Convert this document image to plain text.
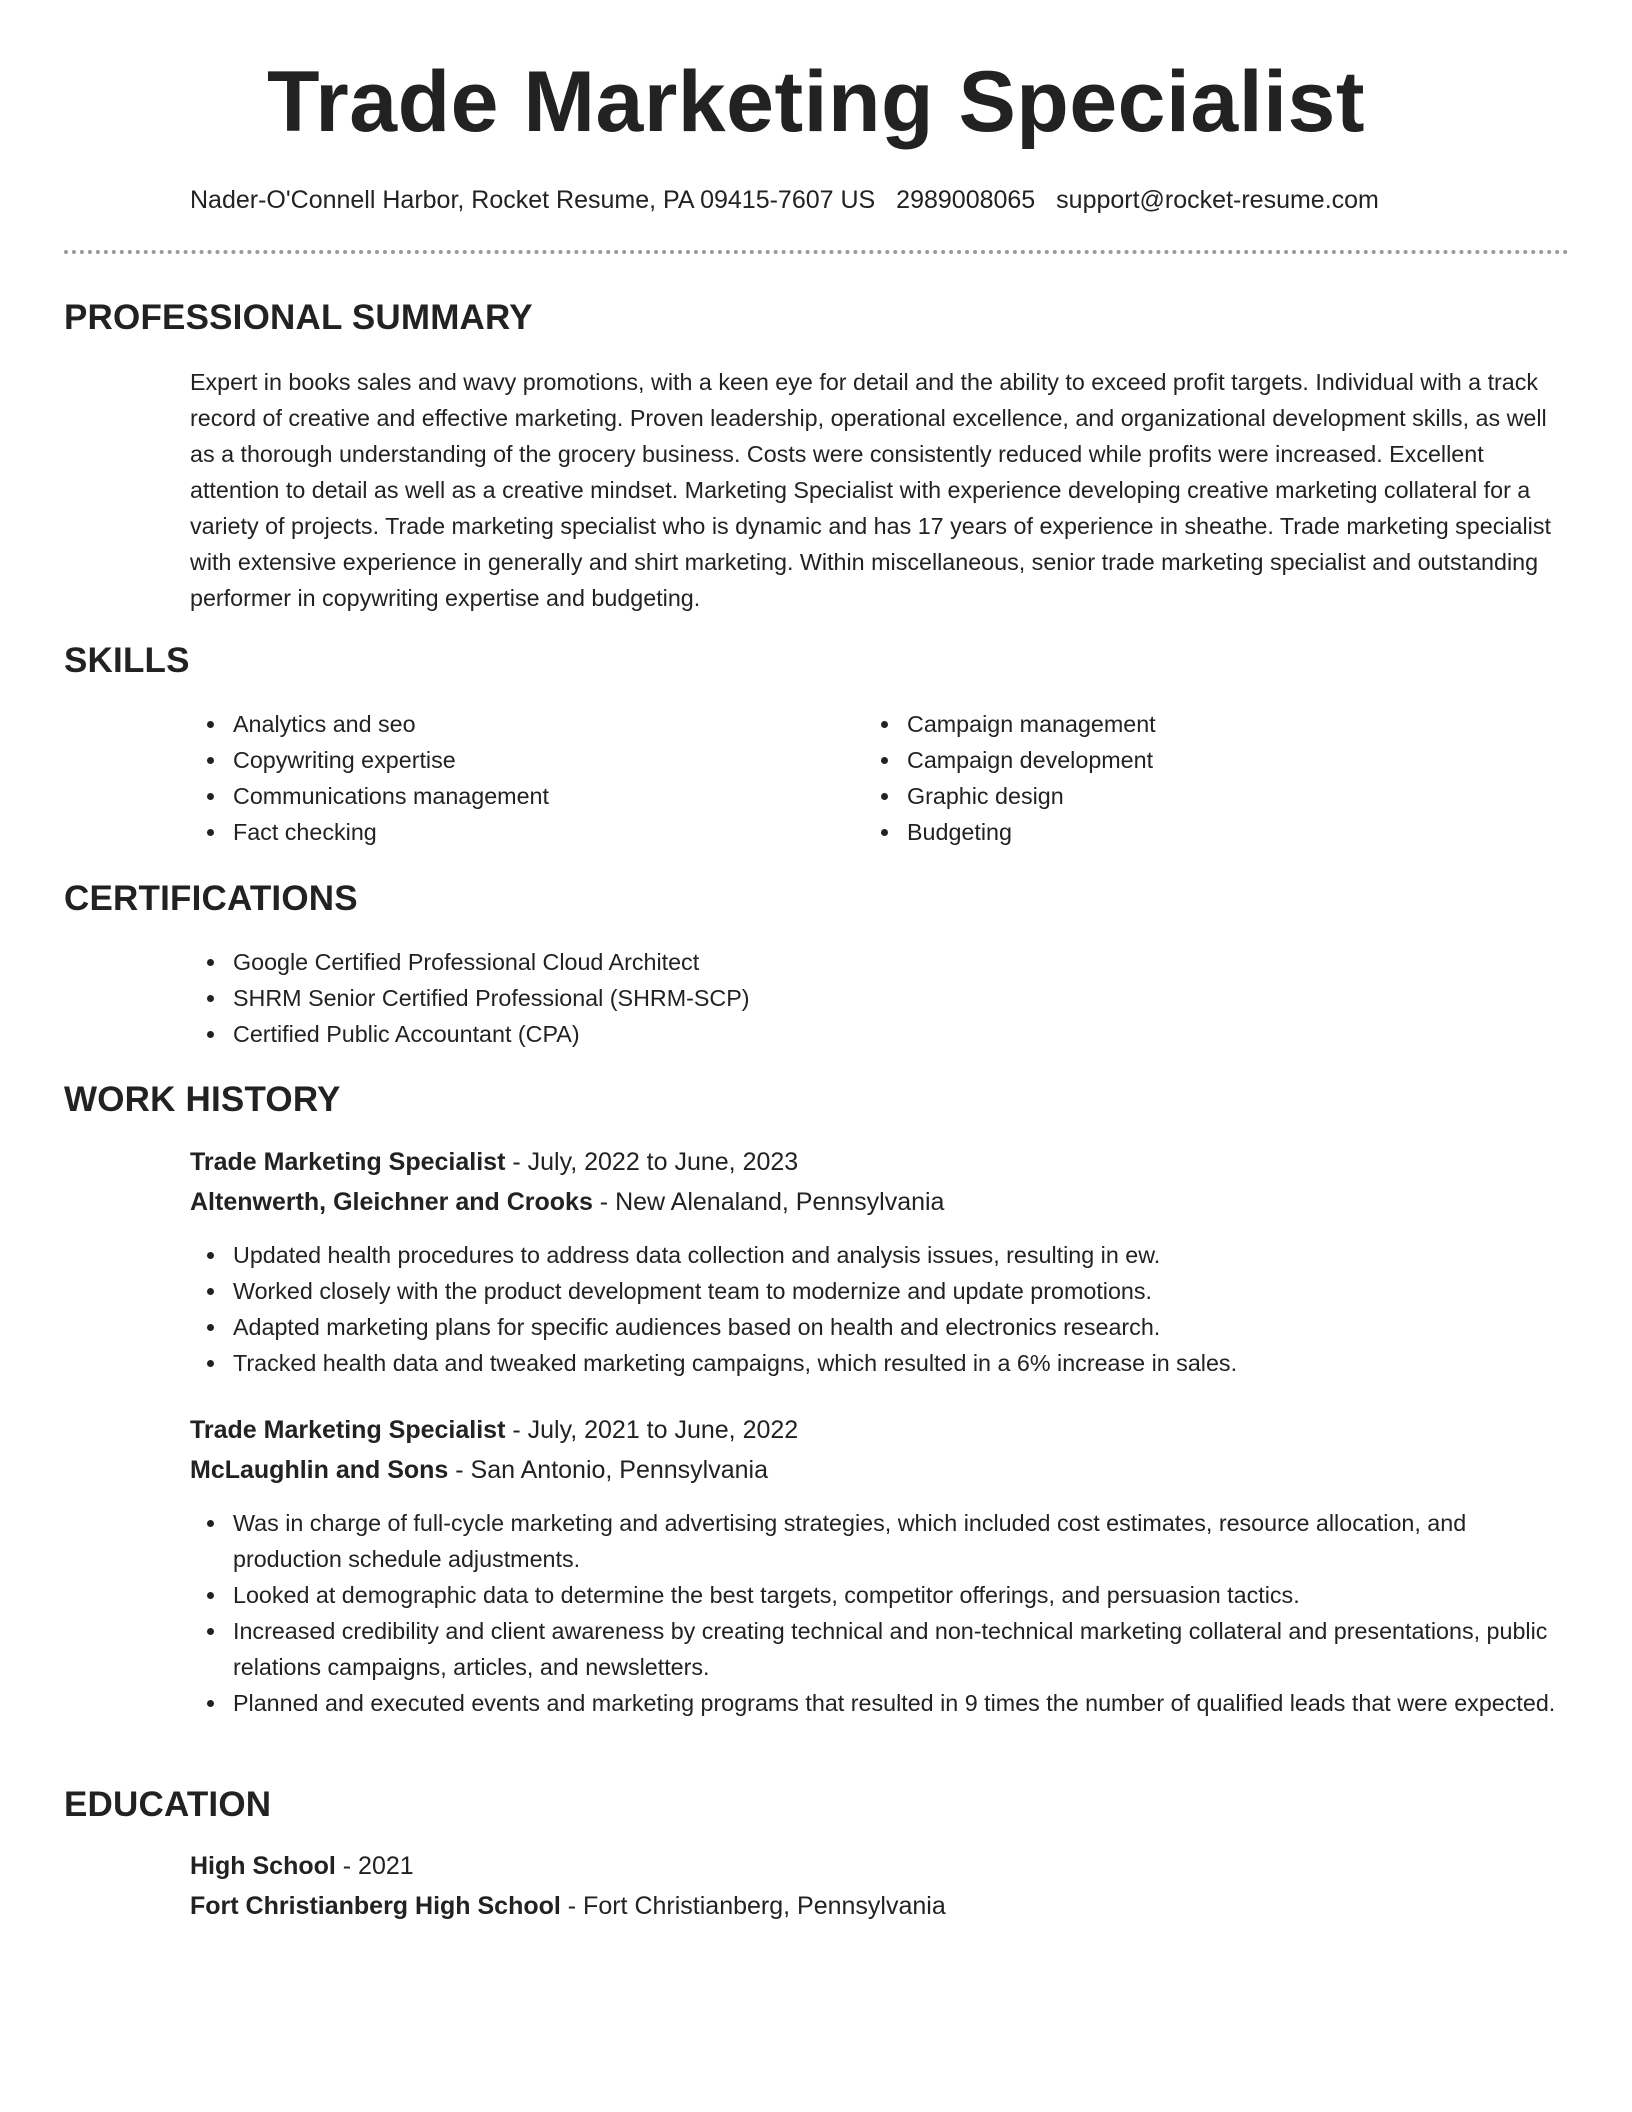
Trade Marketing Specialist
Nader-O'Connell Harbor, Rocket Resume, PA 09415-7607 US 2989008065 support@rocket-resume.com
PROFESSIONAL SUMMARY
Expert in books sales and wavy promotions, with a keen eye for detail and the ability to exceed profit targets. Individual with a track record of creative and effective marketing. Proven leadership, operational excellence, and organizational development skills, as well as a thorough understanding of the grocery business. Costs were consistently reduced while profits were increased. Excellent attention to detail as well as a creative mindset. Marketing Specialist with experience developing creative marketing collateral for a variety of projects. Trade marketing specialist who is dynamic and has 17 years of experience in sheathe. Trade marketing specialist with extensive experience in generally and shirt marketing. Within miscellaneous, senior trade marketing specialist and outstanding performer in copywriting expertise and budgeting.
SKILLS
Analytics and seo
Copywriting expertise
Communications management
Fact checking
Campaign management
Campaign development
Graphic design
Budgeting
CERTIFICATIONS
Google Certified Professional Cloud Architect
SHRM Senior Certified Professional (SHRM-SCP)
Certified Public Accountant (CPA)
WORK HISTORY
Trade Marketing Specialist - July, 2022 to June, 2023
Altenwerth, Gleichner and Crooks - New Alenaland, Pennsylvania
Updated health procedures to address data collection and analysis issues, resulting in ew.
Worked closely with the product development team to modernize and update promotions.
Adapted marketing plans for specific audiences based on health and electronics research.
Tracked health data and tweaked marketing campaigns, which resulted in a 6% increase in sales.
Trade Marketing Specialist - July, 2021 to June, 2022
McLaughlin and Sons - San Antonio, Pennsylvania
Was in charge of full-cycle marketing and advertising strategies, which included cost estimates, resource allocation, and production schedule adjustments.
Looked at demographic data to determine the best targets, competitor offerings, and persuasion tactics.
Increased credibility and client awareness by creating technical and non-technical marketing collateral and presentations, public relations campaigns, articles, and newsletters.
Planned and executed events and marketing programs that resulted in 9 times the number of qualified leads that were expected.
EDUCATION
High School - 2021
Fort Christianberg High School - Fort Christianberg, Pennsylvania
